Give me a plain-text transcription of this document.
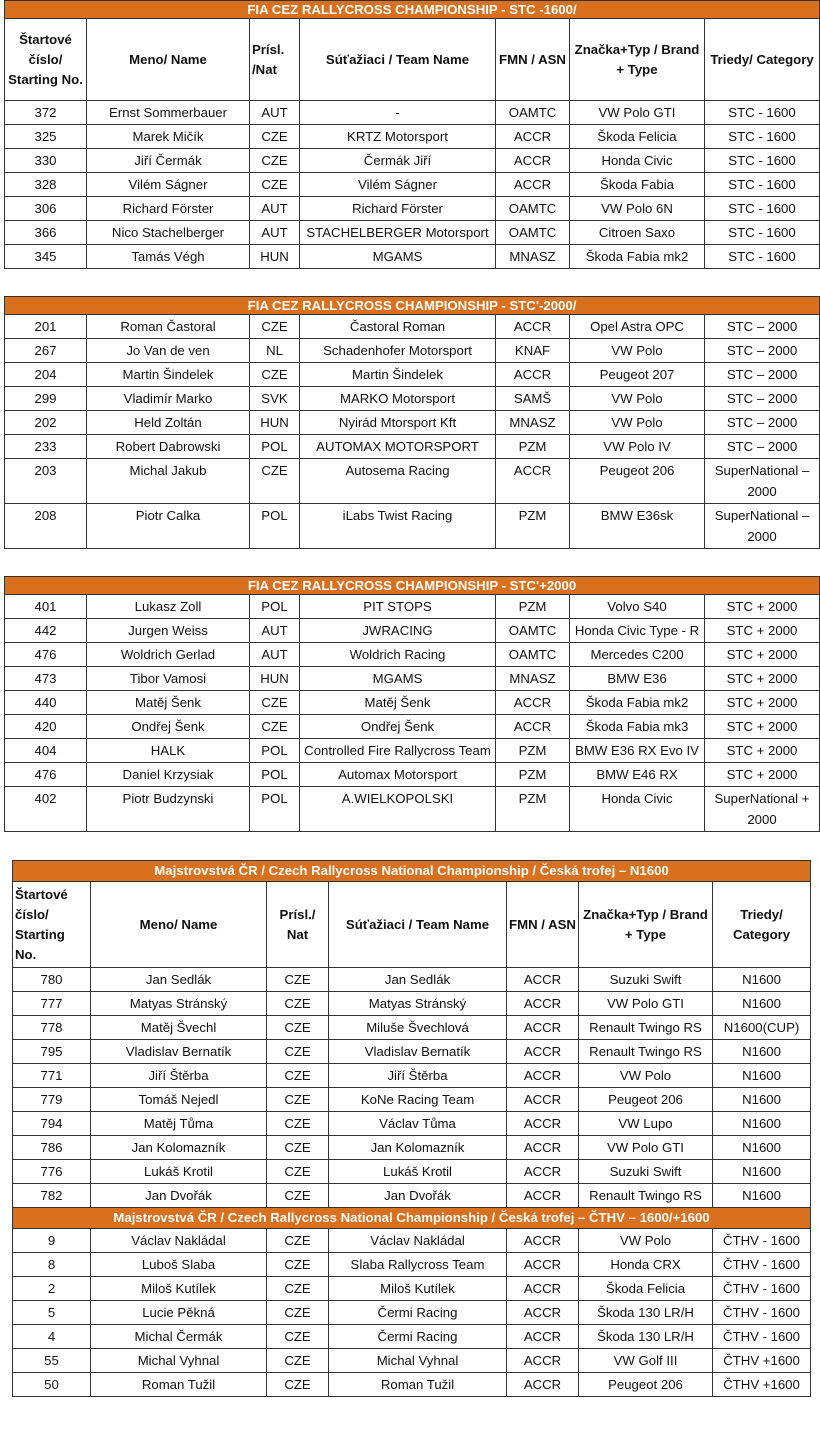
FIA CEZ RALLYCROSS CHAMPIONSHIP - STC -1600/						
Štartové číslo/ Starting No.	Meno/ Name	Prísl. /Nat	Súťažiaci / Team Name	FMN / ASN	Značka+Typ / Brand + Type	Triedy/ Category
372	Ernst Sommerbauer	AUT	-	OAMTC	VW Polo GTI	STC - 1600
325	Marek Mičík	CZE	KRTZ Motorsport	ACCR	Škoda Felicia	STC - 1600
330	Jiří Čermák	CZE	Čermák Jiří	ACCR	Honda Civic	STC - 1600
328	Vilém Ságner	CZE	Vilém Ságner	ACCR	Škoda Fabia	STC - 1600
306	Richard Förster	AUT	Richard Förster	OAMTC	VW Polo 6N	STC - 1600
366	Nico Stachelberger	AUT	STACHELBERGER Motorsport	OAMTC	Citroen Saxo	STC - 1600
345	Tamás Végh	HUN	MGAMS	MNASZ	Škoda Fabia mk2	STC - 1600
FIA CEZ RALLYCROSS CHAMPIONSHIP - STC'-2000/						
201	Roman Častoral	CZE	Častoral Roman	ACCR	Opel Astra OPC	STC – 2000
267	Jo Van de ven	NL	Schadenhofer Motorsport	KNAF	VW Polo	STC – 2000
204	Martin Šindelek	CZE	Martin Šindelek	ACCR	Peugeot 207	STC – 2000
299	Vladimír Marko	SVK	MARKO Motorsport	SAMŠ	VW Polo	STC – 2000
202	Held Zoltán	HUN	Nyirád Mtorsport Kft	MNASZ	VW Polo	STC – 2000
233	Robert Dabrowski	POL	AUTOMAX MOTORSPORT	PZM	VW Polo IV	STC – 2000
203	Michal Jakub	CZE	Autosema Racing	ACCR	Peugeot 206	SuperNational – 2000
208	Piotr Calka	POL	iLabs Twist Racing	PZM	BMW E36sk	SuperNational – 2000
FIA CEZ RALLYCROSS CHAMPIONSHIP - STC'+2000						
401	Lukasz Zoll	POL	PIT STOPS	PZM	Volvo S40	STC + 2000
442	Jurgen Weiss	AUT	JWRACING	OAMTC	Honda Civic Type - R	STC + 2000
476	Woldrich Gerlad	AUT	Woldrich Racing	OAMTC	Mercedes C200	STC + 2000
473	Tibor Vamosi	HUN	MGAMS	MNASZ	BMW E36	STC + 2000
440	Matěj Šenk	CZE	Matěj Šenk	ACCR	Škoda Fabia mk2	STC + 2000
420	Ondřej Šenk	CZE	Ondřej Šenk	ACCR	Škoda Fabia mk3	STC + 2000
404	HALK	POL	Controlled Fire Rallycross Team	PZM	BMW E36 RX Evo IV	STC + 2000
476	Daniel Krzysiak	POL	Automax Motorsport	PZM	BMW E46 RX	STC + 2000
402	Piotr Budzynski	POL	A.WIELKOPOLSKI	PZM	Honda Civic	SuperNational + 2000
Majstrovstvá ČR / Czech Rallycross National Championship / Česká trofej – N1600						
Štartové číslo/ Starting No.	Meno/ Name	Prísl./ Nat	Súťažiaci / Team Name	FMN / ASN	Značka+Typ / Brand + Type	Triedy/ Category
780	Jan Sedlák	CZE	Jan Sedlák	ACCR	Suzuki Swift	N1600
777	Matyas Stránský	CZE	Matyas Stránský	ACCR	VW Polo GTI	N1600
778	Matěj Švechl	CZE	Miluše Švechlová	ACCR	Renault Twingo RS	N1600(CUP)
795	Vladislav Bernatík	CZE	Vladislav Bernatík	ACCR	Renault Twingo RS	N1600
771	Jiří Štěrba	CZE	Jiří Štěrba	ACCR	VW Polo	N1600
779	Tomáš Nejedl	CZE	KoNe Racing Team	ACCR	Peugeot 206	N1600
794	Matěj Tůma	CZE	Václav Tůma	ACCR	VW Lupo	N1600
786	Jan Kolomazník	CZE	Jan Kolomazník	ACCR	VW Polo GTI	N1600
776	Lukáš Krotil	CZE	Lukáš Krotil	ACCR	Suzuki Swift	N1600
782	Jan Dvořák	CZE	Jan Dvořák	ACCR	Renault Twingo RS	N1600
Majstrovstvá ČR / Czech Rallycross National Championship / Česká trofej – ČTHV – 1600/+1600						
9	Václav Nakládal	CZE	Václav Nakládal	ACCR	VW Polo	ČTHV - 1600
8	Luboš Slaba	CZE	Slaba Rallycross Team	ACCR	Honda CRX	ČTHV - 1600
2	Miloš Kutílek	CZE	Miloš Kutílek	ACCR	Škoda Felicia	ČTHV - 1600
5	Lucie Pěkná	CZE	Čermi Racing	ACCR	Škoda 130 LR/H	ČTHV - 1600
4	Michal Čermák	CZE	Čermi Racing	ACCR	Škoda 130 LR/H	ČTHV - 1600
55	Michal Vyhnal	CZE	Michal Vyhnal	ACCR	VW Golf III	ČTHV +1600
50	Roman Tužil	CZE	Roman Tužil	ACCR	Peugeot 206	ČTHV +1600
